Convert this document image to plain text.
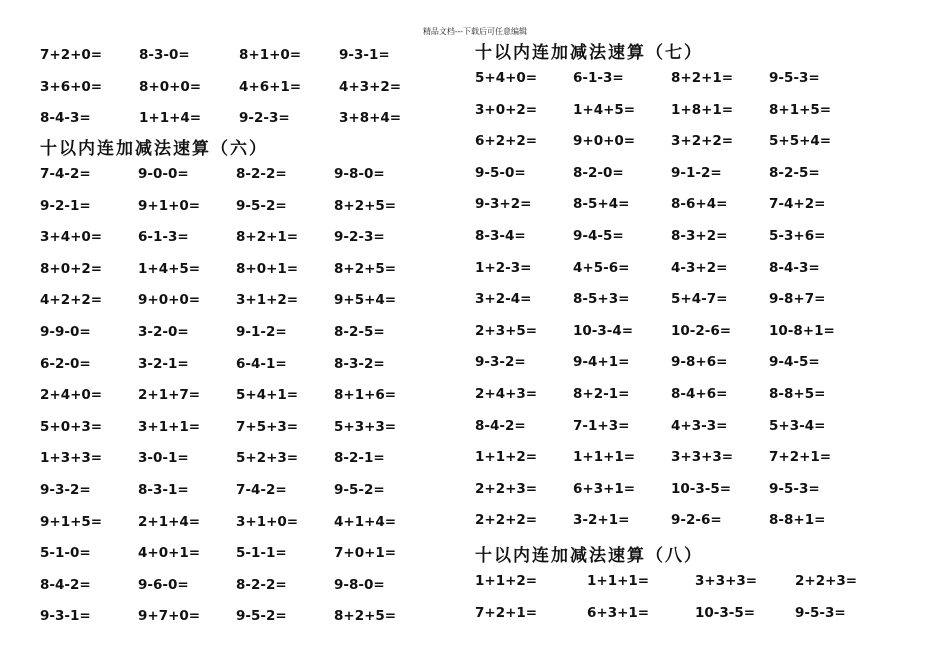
精品文档---下载后可任意编辑
7+2+0=	8-3-0=	8+1+0=	9-3-1=
3+6+0=	8+0+0=	4+6+1=	4+3+2=
8-4-3=	1+1+4=	9-2-3=	3+8+4=
十以内连加减法速算（六）
7-4-2=	9-0-0=	8-2-2=	9-8-0=
9-2-1=	9+1+0=	9-5-2=	8+2+5=
3+4+0=	6-1-3=	8+2+1=	9-2-3=
8+0+2=	1+4+5=	8+0+1=	8+2+5=
4+2+2=	9+0+0=	3+1+2=	9+5+4=
9-9-0=	3-2-0=	9-1-2=	8-2-5=
6-2-0=	3-2-1=	6-4-1=	8-3-2=
2+4+0=	2+1+7=	5+4+1=	8+1+6=
5+0+3=	3+1+1=	7+5+3=	5+3+3=
1+3+3=	3-0-1=	5+2+3=	8-2-1=
9-3-2=	8-3-1=	7-4-2=	9-5-2=
9+1+5=	2+1+4=	3+1+0=	4+1+4=
5-1-0=	4+0+1=	5-1-1=	7+0+1=
8-4-2=	9-6-0=	8-2-2=	9-8-0=
9-3-1=	9+7+0=	9-5-2=	8+2+5=
十以内连加减法速算（七）
5+4+0=	6-1-3=	8+2+1=	9-5-3=
3+0+2=	1+4+5=	1+8+1=	8+1+5=
6+2+2=	9+0+0=	3+2+2=	5+5+4=
9-5-0=	8-2-0=	9-1-2=	8-2-5=
9-3+2=	8-5+4=	8-6+4=	7-4+2=
8-3-4=	9-4-5=	8-3+2=	5-3+6=
1+2-3=	4+5-6=	4-3+2=	8-4-3=
3+2-4=	8-5+3=	5+4-7=	9-8+7=
2+3+5=	10-3-4=	10-2-6=	10-8+1=
9-3-2=	9-4+1=	9-8+6=	9-4-5=
2+4+3=	8+2-1=	8-4+6=	8-8+5=
8-4-2=	7-1+3=	4+3-3=	5+3-4=
1+1+2=	1+1+1=	3+3+3=	7+2+1=
2+2+3=	6+3+1=	10-3-5=	9-5-3=
2+2+2=	3-2+1=	9-2-6=	8-8+1=
十以内连加减法速算（八）
1+1+2=	1+1+1=	3+3+3=	2+2+3=
7+2+1=	6+3+1=	10-3-5=	9-5-3=
